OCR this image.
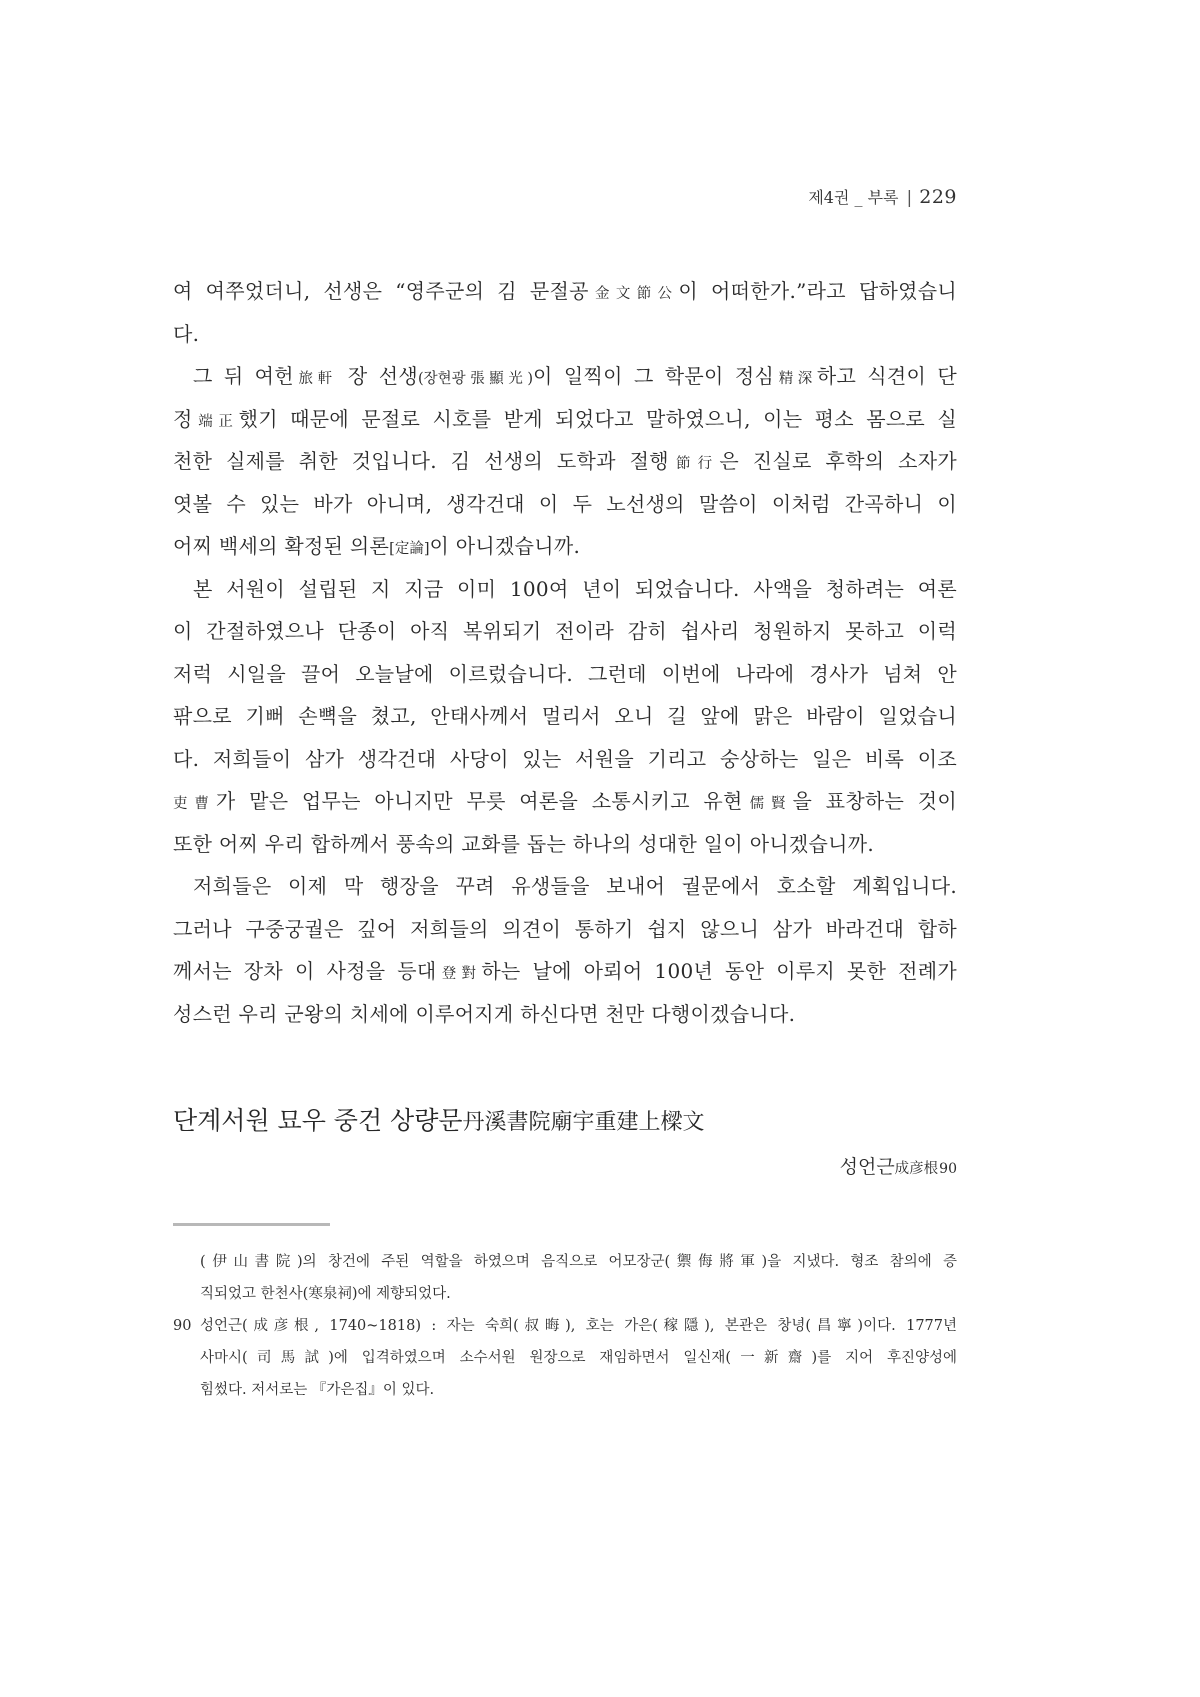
제4권 _ 부록 | 229
여 여쭈었더니, 선생은 “영주군의 김 문절공金文節公이 어떠한가.”라고 답하였습니
다.
그 뒤 여헌旅軒 장 선생(장현광張顯光)이 일찍이 그 학문이 정심精深하고 식견이 단
정端正했기 때문에 문절로 시호를 받게 되었다고 말하였으니, 이는 평소 몸으로 실
천한 실제를 취한 것입니다. 김 선생의 도학과 절행節行은 진실로 후학의 소자가
엿볼 수 있는 바가 아니며, 생각건대 이 두 노선생의 말씀이 이처럼 간곡하니 이
어찌 백세의 확정된 의론[定論]이 아니겠습니까.
본 서원이 설립된 지 지금 이미 100여 년이 되었습니다. 사액을 청하려는 여론
이 간절하였으나 단종이 아직 복위되기 전이라 감히 쉽사리 청원하지 못하고 이럭
저럭 시일을 끌어 오늘날에 이르렀습니다. 그런데 이번에 나라에 경사가 넘쳐 안
팎으로 기뻐 손뼉을 쳤고, 안태사께서 멀리서 오니 길 앞에 맑은 바람이 일었습니
다. 저희들이 삼가 생각건대 사당이 있는 서원을 기리고 숭상하는 일은 비록 이조
吏曹가 맡은 업무는 아니지만 무릇 여론을 소통시키고 유현儒賢을 표창하는 것이
또한 어찌 우리 합하께서 풍속의 교화를 돕는 하나의 성대한 일이 아니겠습니까.
저희들은 이제 막 행장을 꾸려 유생들을 보내어 궐문에서 호소할 계획입니다.
그러나 구중궁궐은 깊어 저희들의 의견이 통하기 쉽지 않으니 삼가 바라건대 합하
께서는 장차 이 사정을 등대登對하는 날에 아뢰어 100년 동안 이루지 못한 전례가
성스런 우리 군왕의 치세에 이루어지게 하신다면 천만 다행이겠습니다.
단계서원 묘우 중건 상량문丹溪書院廟宇重建上樑文
성언근成彦根90
(伊山書院)의 창건에 주된 역할을 하였으며 음직으로 어모장군(禦侮將軍)을 지냈다. 형조 참의에 증
직되었고 한천사(寒泉祠)에 제향되었다.
90 성언근(成彦根, 1740~1818) : 자는 숙희(叔晦), 호는 가은(稼隱), 본관은 창녕(昌寧)이다. 1777년
사마시(司馬試)에 입격하였으며 소수서원 원장으로 재임하면서 일신재(一新齋)를 지어 후진양성에
힘썼다. 저서로는 『가은집』이 있다.
